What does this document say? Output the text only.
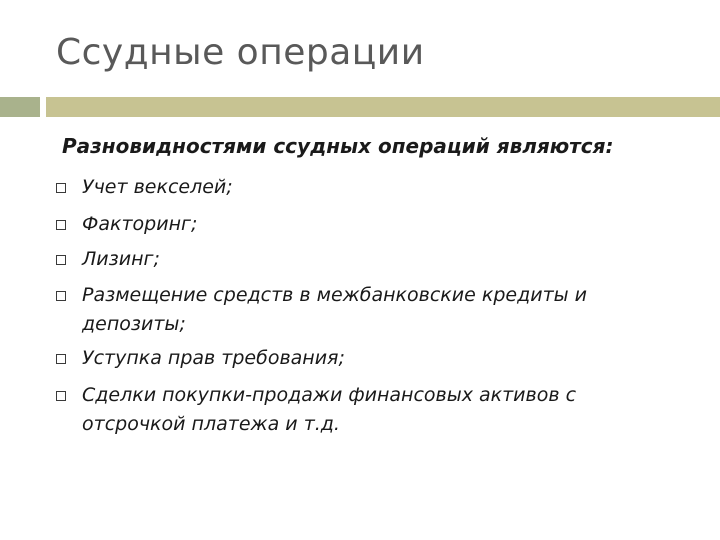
Ссудные операции
Разновидностями ссудных операций являются:
Учет векселей;
Факторинг;
Лизинг;
Размещение средств в межбанковские кредиты и депозиты;
Уступка прав требования;
Сделки покупки-продажи финансовых активов с отсрочкой платежа и т.д.
